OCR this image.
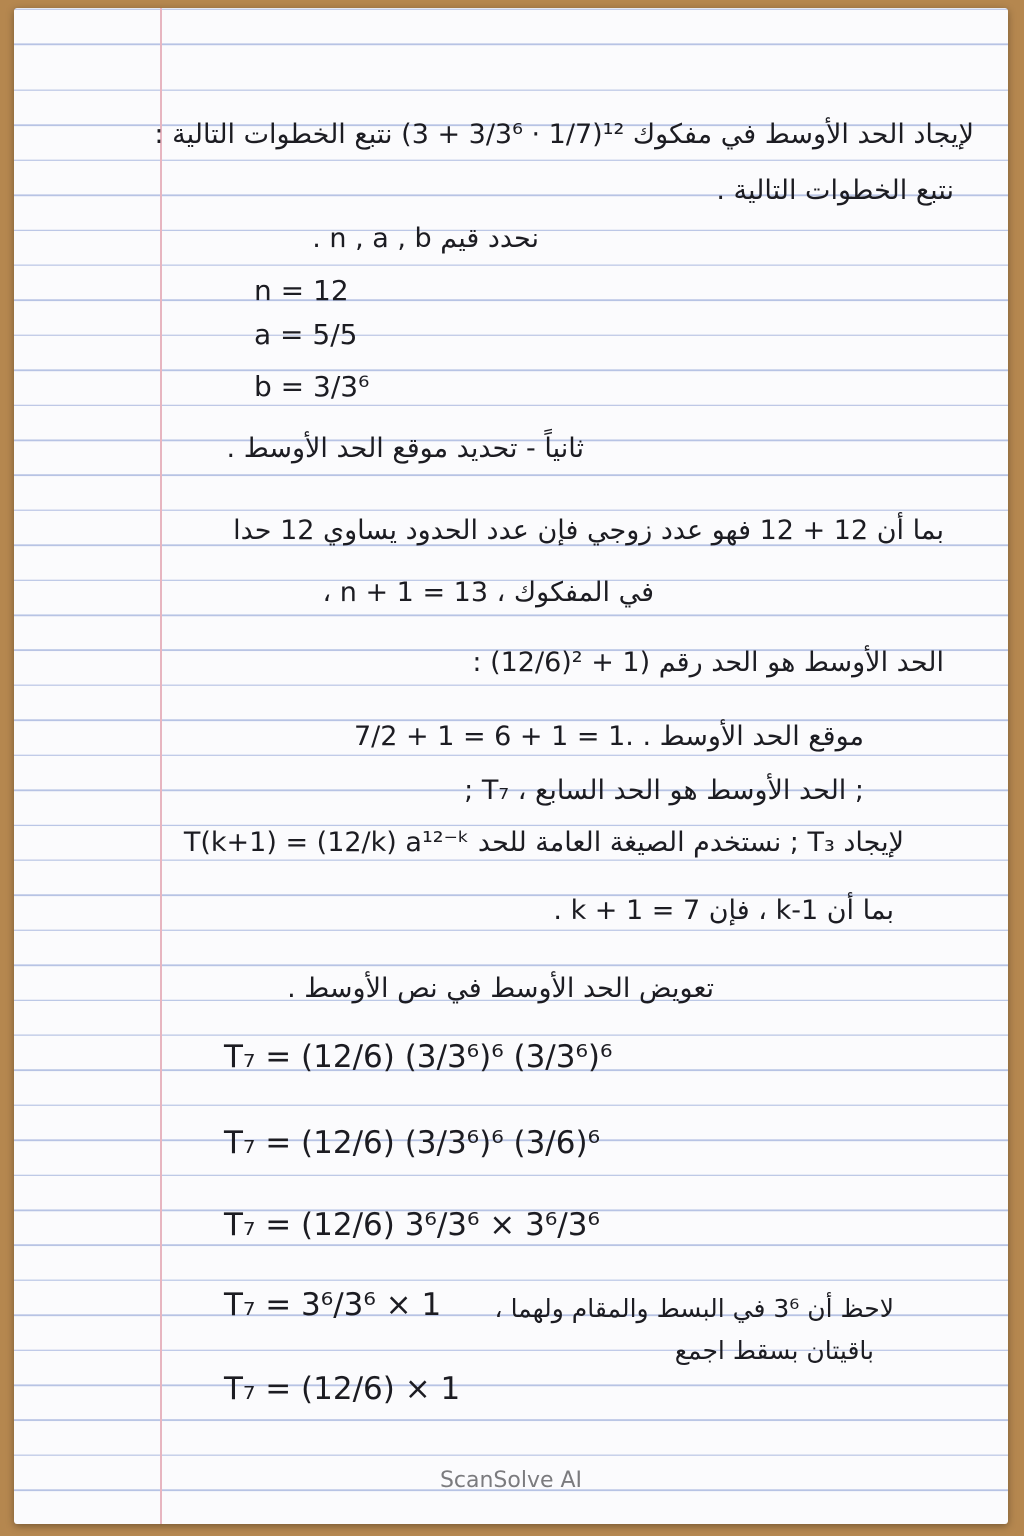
لإيجاد الحد الأوسط في مفكوك ‪(3 + 3/3⁶ · 1/7)¹²‬ نتبع الخطوات التالية :
نتبع الخطوات التالية .
نحدد قيم ‪n , a , b‬ .
n = 12
a = 5/5
b = 3/3⁶
ثانياً - تحديد موقع الحد الأوسط .
بما أن ‪12 + 12‬ فهو عدد زوجي فإن عدد الحدود يساوي ‪12‬ حدا
في المفكوك ، ‪n + 1 = 13‬ ،
الحد الأوسط هو الحد رقم ‪(12/6)² + 1)‬ :
موقع الحد الأوسط . ‪7/2 + 1 = 6 + 1 = 1.‬
; الحد الأوسط هو الحد السابع ، ‪T₇‬ ;
لإيجاد ‪T₃‬ ; نستخدم الصيغة العامة للحد ‪T(k+1) = (12/k) a¹²⁻ᵏ‬
بما أن ‪k-1‬ ، فإن ‪k + 1 = 7‬ .
تعويض الحد الأوسط في نص الأوسط .
T₇ = (12/6) (3/3⁶)⁶ (3/3⁶)⁶
T₇ = (12/6) (3/3⁶)⁶ (3/6)⁶
T₇ = (12/6) 3⁶/3⁶ × 3⁶/3⁶
T₇ = 3⁶/3⁶ × 1	لاحظ أن ‪3⁶‬ في البسط والمقام ولهما ،
باقيتان بسقط اجمع
T₇ = (12/6) × 1
ScanSolve AI
